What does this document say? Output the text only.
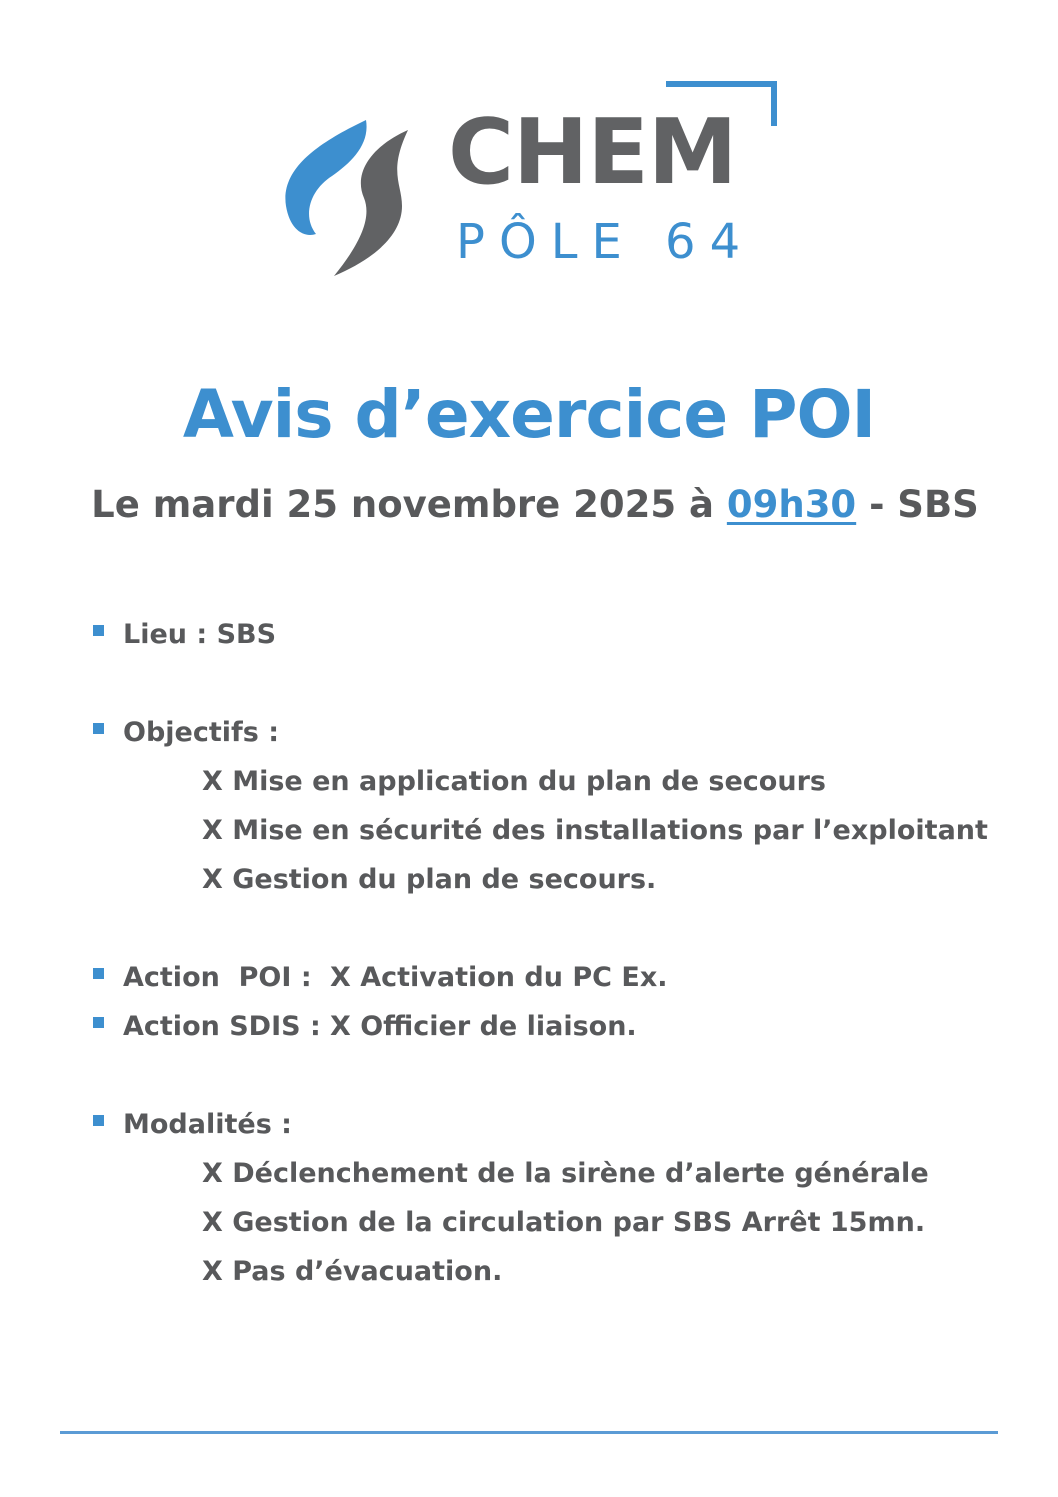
CHEM
PÔLE 64
Avis d’exercice POI
Le mardi 25 novembre 2025 à 09h30 - SBS
Lieu : SBS
Objectifs :
X Mise en application du plan de secours
X Mise en sécurité des installations par l’exploitant
X Gestion du plan de secours.
Action  POI : X Activation du PC Ex.
Action SDIS : X Officier de liaison.
Modalités :
X Déclenchement de la sirène d’alerte générale
X Gestion de la circulation par SBS Arrêt 15mn.
X Pas d’évacuation.
